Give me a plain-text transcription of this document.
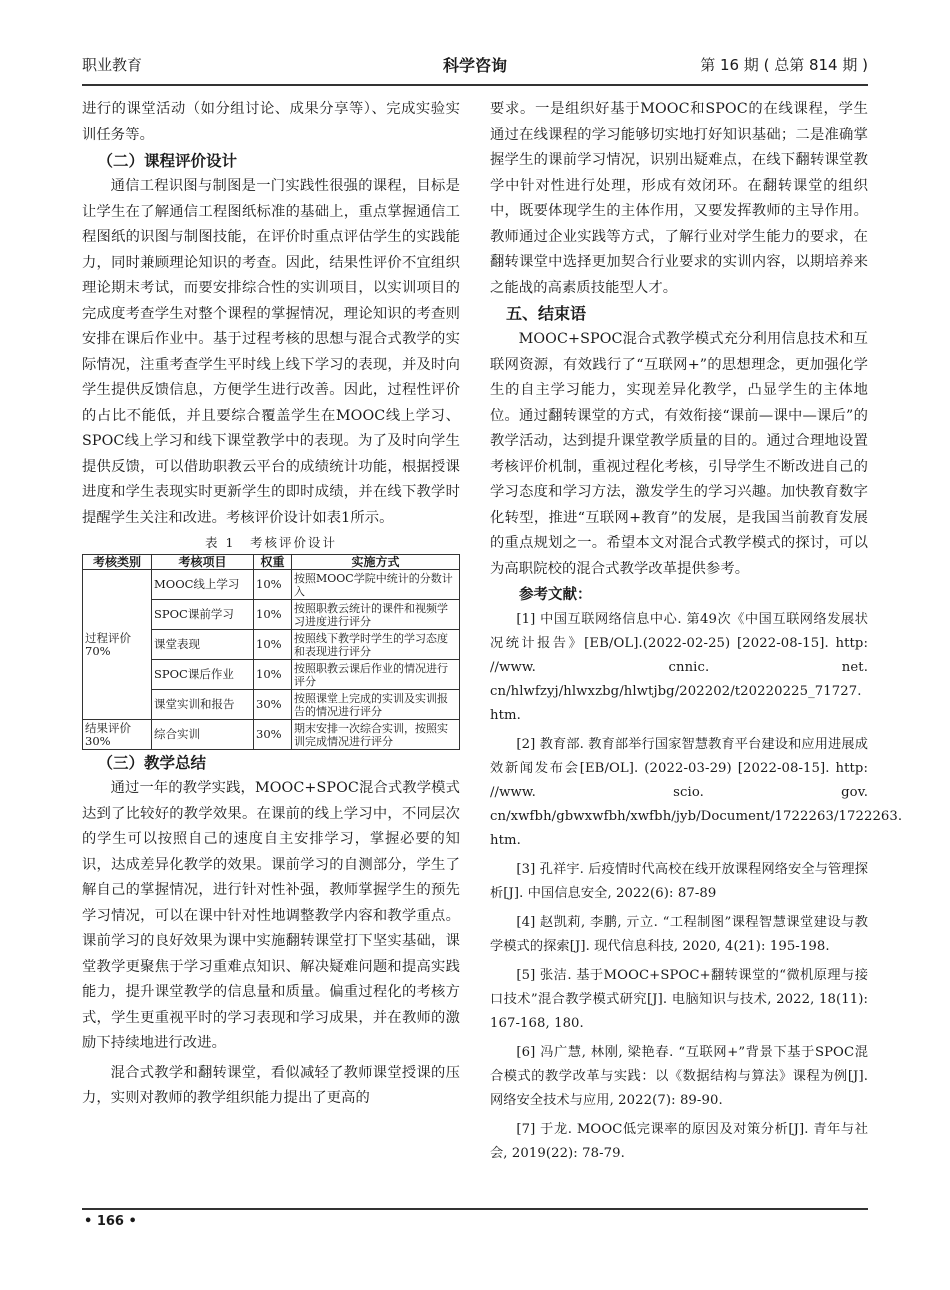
职业教育	科学咨询	第 16 期 ( 总第 814 期 )

进行的课堂活动（如分组讨论、成果分享等）、完成实验实训任务等。

（二）课程评价设计

通信工程识图与制图是一门实践性很强的课程，目标是让学生在了解通信工程图纸标准的基础上，重点掌握通信工程图纸的识图与制图技能，在评价时重点评估学生的实践能力，同时兼顾理论知识的考查。因此，结果性评价不宜组织理论期末考试，而要安排综合性的实训项目，以实训项目的完成度考查学生对整个课程的掌握情况，理论知识的考查则安排在课后作业中。基于过程考核的思想与混合式教学的实际情况，注重考查学生平时线上线下学习的表现，并及时向学生提供反馈信息，方便学生进行改善。因此，过程性评价的占比不能低，并且要综合覆盖学生在MOOC线上学习、SPOC线上学习和线下课堂教学中的表现。为了及时向学生提供反馈，可以借助职教云平台的成绩统计功能，根据授课进度和学生表现实时更新学生的即时成绩，并在线下教学时提醒学生关注和改进。考核评价设计如表1所示。

表 1　考核评价设计
考核类别	考核项目	权重	实施方式
过程评价70%	MOOC线上学习	10%	按照MOOC学院中统计的分数计入
	SPOC课前学习	10%	按照职教云统计的课件和视频学习进度进行评分
	课堂表现	10%	按照线下教学时学生的学习态度和表现进行评分
	SPOC课后作业	10%	按照职教云课后作业的情况进行评分
	课堂实训和报告	30%	按照课堂上完成的实训及实训报告的情况进行评分
结果评价30%	综合实训	30%	期末安排一次综合实训，按照实训完成情况进行评分
（三）教学总结

通过一年的教学实践，MOOC+SPOC混合式教学模式达到了比较好的教学效果。在课前的线上学习中，不同层次的学生可以按照自己的速度自主安排学习，掌握必要的知识，达成差异化教学的效果。课前学习的自测部分，学生了解自己的掌握情况，进行针对性补强，教师掌握学生的预先学习情况，可以在课中针对性地调整教学内容和教学重点。课前学习的良好效果为课中实施翻转课堂打下坚实基础，课堂教学更聚焦于学习重难点知识、解决疑难问题和提高实践能力，提升课堂教学的信息量和质量。偏重过程化的考核方式，学生更重视平时的学习表现和学习成果，并在教师的激励下持续地进行改进。

混合式教学和翻转课堂，看似减轻了教师课堂授课的压力，实则对教师的教学组织能力提出了更高的

要求。一是组织好基于MOOC和SPOC的在线课程，学生通过在线课程的学习能够切实地打好知识基础；二是准确掌握学生的课前学习情况，识别出疑难点，在线下翻转课堂教学中针对性进行处理，形成有效闭环。在翻转课堂的组织中，既要体现学生的主体作用，又要发挥教师的主导作用。教师通过企业实践等方式，了解行业对学生能力的要求，在翻转课堂中选择更加契合行业要求的实训内容，以期培养来之能战的高素质技能型人才。

五、结束语

MOOC+SPOC混合式教学模式充分利用信息技术和互联网资源，有效践行了“互联网+”的思想理念，更加强化学生的自主学习能力，实现差异化教学，凸显学生的主体地位。通过翻转课堂的方式，有效衔接“课前—课中—课后”的教学活动，达到提升课堂教学质量的目的。通过合理地设置考核评价机制，重视过程化考核，引导学生不断改进自己的学习态度和学习方法，激发学生的学习兴趣。加快教育数字化转型，推进“互联网+教育”的发展，是我国当前教育发展的重点规划之一。希望本文对混合式教学模式的探讨，可以为高职院校的混合式教学改革提供参考。

参考文献：

[1] 中国互联网络信息中心. 第49次《中国互联网络发展状况统计报告》[EB/OL].(2022-02-25) [2022-08-15]. http: //www. cnnic. net. cn/hlwfzyj/hlwxzbg/hlwtjbg/202202/t20220225_71727. htm.

[2] 教育部. 教育部举行国家智慧教育平台建设和应用进展成效新闻发布会[EB/OL]. (2022-03-29) [2022-08-15]. http: //www. scio. gov. cn/xwfbh/gbwxwfbh/xwfbh/jyb/Document/1722263/1722263. htm.

[3] 孔祥宇. 后疫情时代高校在线开放课程网络安全与管理探析[J]. 中国信息安全, 2022(6): 87-89

[4] 赵凯莉, 李鹏, 亓立. “工程制图”课程智慧课堂建设与教学模式的探索[J]. 现代信息科技, 2020, 4(21): 195-198.

[5] 张洁. 基于MOOC+SPOC+翻转课堂的“微机原理与接口技术”混合教学模式研究[J]. 电脑知识与技术, 2022, 18(11): 167-168, 180.

[6] 冯广慧, 林刚, 梁艳春. “互联网+”背景下基于SPOC混合模式的教学改革与实践：以《数据结构与算法》课程为例[J]. 网络安全技术与应用, 2022(7): 89-90.

[7] 于龙. MOOC低完课率的原因及对策分析[J]. 青年与社会, 2019(22): 78-79.

• 166 •
